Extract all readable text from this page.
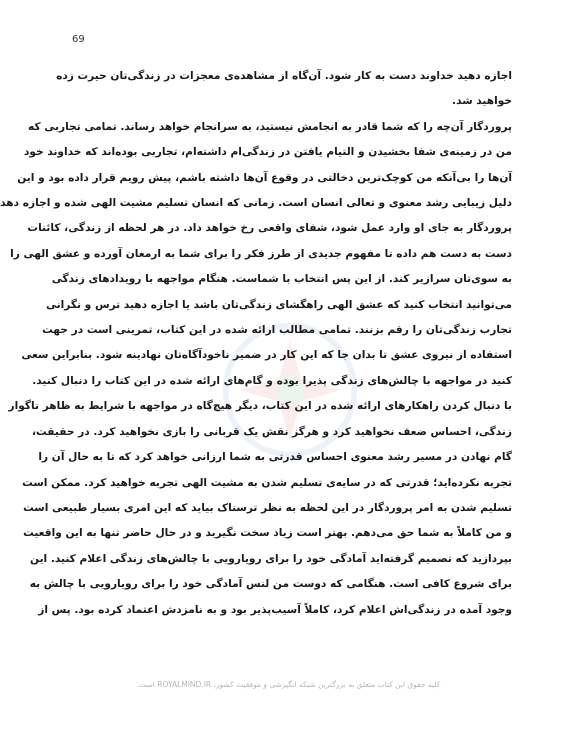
69
اجازه دهید خداوند دست به کار شود. آن‌گاه از مشاهده‌ی معجزات در زندگی‌تان حیرت زده
خواهید شد.
پروردگار آن‌چه را که شما قادر به انجامش نیستید، به سرانجام خواهد رساند. تمامی تجاربی که
من در زمینه‌ی شفا بخشیدن و التیام یافتن در زندگی‌ام داشته‌ام، تجاربی بوده‌اند که خداوند خود
آن‌ها را بی‌آنکه من کوچک‌ترین دخالتی در وقوع آن‌ها داشته باشم، پیش رویم قرار داده بود و این
دلیل زیبایی رشد معنوی و تعالی انسان است. زمانی که انسان تسلیم مشیت الهی شده و اجازه دهد
پروردگار به جای او وارد عمل شود، شفای واقعی رخ خواهد داد. در هر لحظه از زندگی، کائنات
دست به دست هم داده تا مفهوم جدیدی از طرز فکر را برای شما به ارمغان آورده و عشق الهی را
به سوی‌تان سرازیر کند. از این پس انتخاب با شماست. هنگام مواجهه با رویدادهای زندگی
می‌توانید انتخاب کنید که عشق الهی راهگشای زندگی‌تان باشد یا اجازه دهید ترس و نگرانی
تجارب زندگی‌تان را رقم بزنند. تمامی مطالب ارائه شده در این کتاب، تمرینی است در جهت
استفاده از نیروی عشق تا بدان جا که این کار در ضمیر ناخودآگاه‌تان نهادینه شود. بنابراین سعی
کنید در مواجهه با چالش‌های زندگی پذیرا بوده و گام‌های ارائه شده در این کتاب را دنبال کنید.
با دنبال کردن راهکارهای ارائه شده در این کتاب، دیگر هیچ‌گاه در مواجهه با شرایط به ظاهر ناگوار
زندگی، احساس ضعف نخواهید کرد و هرگز نقش یک قربانی را بازی نخواهید کرد. در حقیقت،
گام نهادن در مسیر رشد معنوی احساس قدرتی به شما ارزانی خواهد کرد که تا به حال آن را
تجربه نکرده‌اید؛ قدرتی که در سایه‌ی تسلیم شدن به مشیت الهی تجربه خواهید کرد. ممکن است
تسلیم شدن به امر پروردگار در این لحظه به نظر ترسناک بیاید که این امری بسیار طبیعی است
و من کاملاً به شما حق می‌دهم. بهتر است زیاد سخت نگیرید و در حال حاضر تنها به این واقعیت
بپردازید که تصمیم گرفته‌اید آمادگی خود را برای رویارویی با چالش‌های زندگی اعلام کنید. این
برای شروع کافی است. هنگامی که دوست من لنس آمادگی خود را برای رویارویی با چالش به
وجود آمده در زندگی‌اش اعلام کرد، کاملاً آسیب‌پذیر بود و به نامزدش اعتماد کرده بود. پس از
کلیه حقوق این کتاب متعلق به بزرگترین شبکه انگیزشی و موفقیت کشور، ROYALMIND.IR است.
